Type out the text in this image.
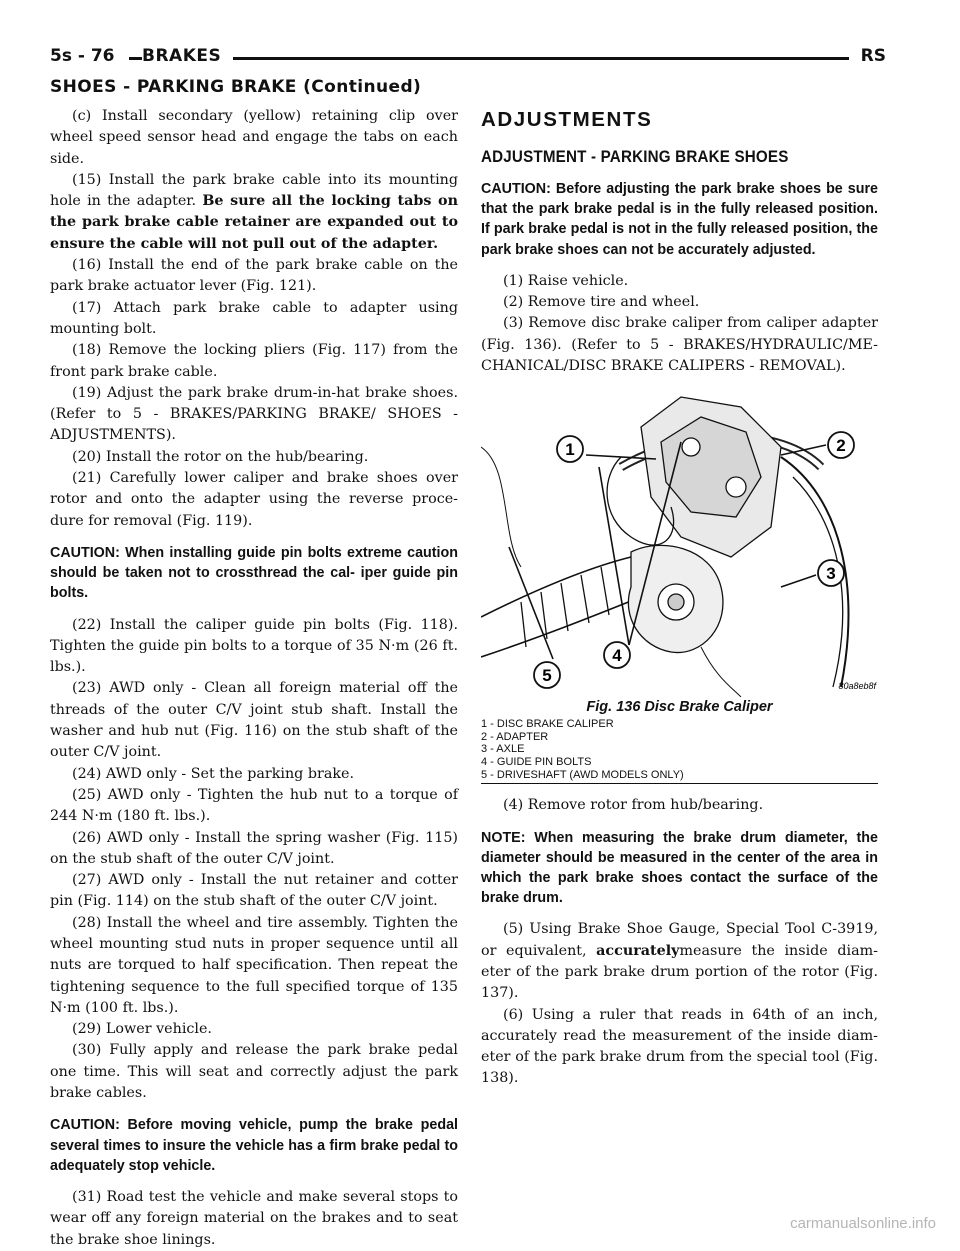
5s - 76	BRAKES	RS
SHOES - PARKING BRAKE (Continued)

(c) Install secondary (yellow) retaining clip over wheel speed sensor head and engage the tabs on each side.

(15) Install the park brake cable into its mounting hole in the adapter. Be sure all the locking tabs on the park brake cable retainer are expanded out to ensure the cable will not pull out of the adapter.

(16) Install the end of the park brake cable on the park brake actuator lever (Fig. 121).

(17) Attach park brake cable to adapter using mounting bolt.

(18) Remove the locking pliers (Fig. 117) from the front park brake cable.

(19) Adjust the park brake drum-in-hat brake shoes. (Refer to 5 - BRAKES/PARKING BRAKE/ SHOES - ADJUSTMENTS).

(20) Install the rotor on the hub/bearing.

(21) Carefully lower caliper and brake shoes over rotor and onto the adapter using the reverse proce- dure for removal (Fig. 119).

CAUTION: When installing guide pin bolts extreme caution should be taken not to crossthread the cal- iper guide pin bolts.

(22) Install the caliper guide pin bolts (Fig. 118). Tighten the guide pin bolts to a torque of 35 N·m (26 ft. lbs.).

(23) AWD only - Clean all foreign material off the threads of the outer C/V joint stub shaft. Install the washer and hub nut (Fig. 116) on the stub shaft of the outer C/V joint.

(24) AWD only - Set the parking brake.

(25) AWD only - Tighten the hub nut to a torque of 244 N·m (180 ft. lbs.).

(26) AWD only - Install the spring washer (Fig. 115) on the stub shaft of the outer C/V joint.

(27) AWD only - Install the nut retainer and cotter pin (Fig. 114) on the stub shaft of the outer C/V joint.

(28) Install the wheel and tire assembly. Tighten the wheel mounting stud nuts in proper sequence until all nuts are torqued to half specification. Then repeat the tightening sequence to the full specified torque of 135 N·m (100 ft. lbs.).

(29) Lower vehicle.

(30) Fully apply and release the park brake pedal one time. This will seat and correctly adjust the park brake cables.

CAUTION: Before moving vehicle, pump the brake pedal several times to insure the vehicle has a firm brake pedal to adequately stop vehicle.

(31) Road test the vehicle and make several stops to wear off any foreign material on the brakes and to seat the brake shoe linings.

ADJUSTMENTS
ADJUSTMENT - PARKING BRAKE SHOES

CAUTION: Before adjusting the park brake shoes be sure that the park brake pedal is in the fully released position. If park brake pedal is not in the fully released position, the park brake shoes can not be accurately adjusted.

(1) Raise vehicle.

(2) Remove tire and wheel.

(3) Remove disc brake caliper from caliper adapter (Fig. 136). (Refer to 5 - BRAKES/HYDRAULIC/ME- CHANICAL/DISC BRAKE CALIPERS - REMOVAL).

1	2
3
4
5
80a8eb8f
Fig. 136 Disc Brake Caliper
1 - DISC BRAKE CALIPER
2 - ADAPTER
3 - AXLE
4 - GUIDE PIN BOLTS
5 - DRIVESHAFT (AWD MODELS ONLY)

(4) Remove rotor from hub/bearing.

NOTE: When measuring the brake drum diameter, the diameter should be measured in the center of the area in which the park brake shoes contact the surface of the brake drum.

(5) Using Brake Shoe Gauge, Special Tool C-3919, or equivalent, accuratelymeasure the inside diam- eter of the park brake drum portion of the rotor (Fig. 137).

(6) Using a ruler that reads in 64th of an inch, accurately read the measurement of the inside diam- eter of the park brake drum from the special tool (Fig. 138).

carmanualsonline.info
